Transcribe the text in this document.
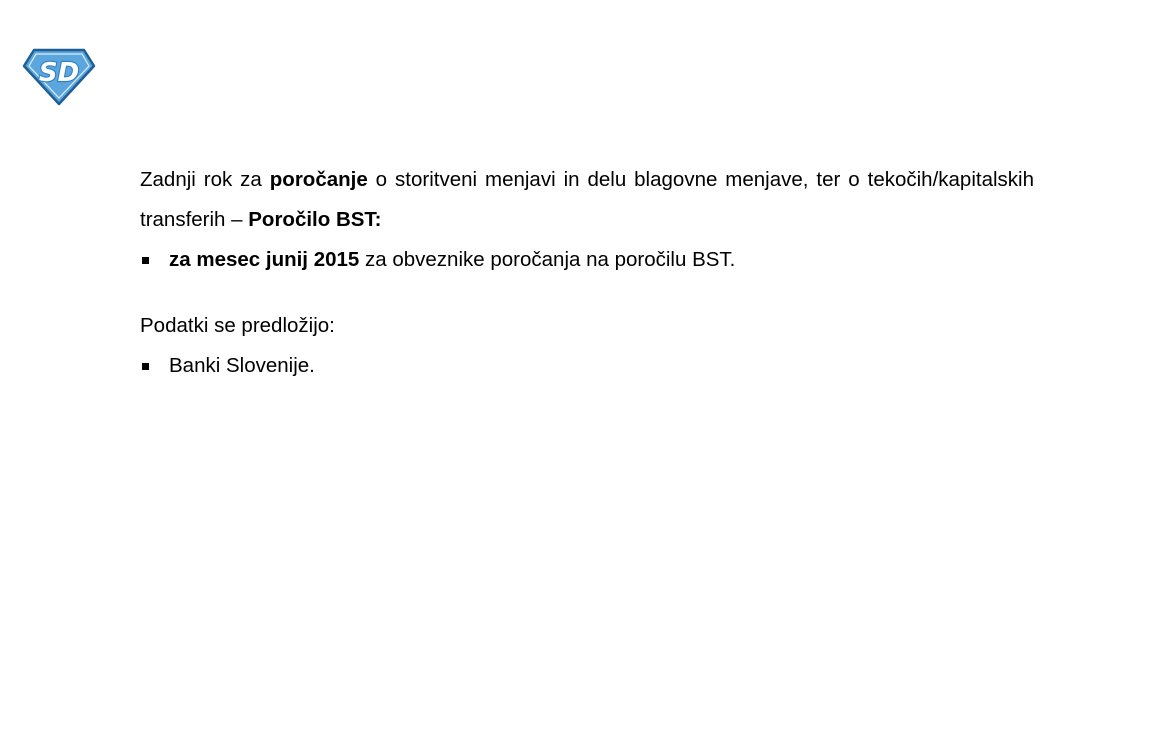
SD

Zadnji rok za poročanje o storitveni menjavi in delu blagovne menjave, ter o tekočih/kapitalskih transferih – Poročilo BST:

za mesec junij 2015 za obveznike poročanja na poročilu BST.

Podatki se predložijo:

Banki Slovenije.
